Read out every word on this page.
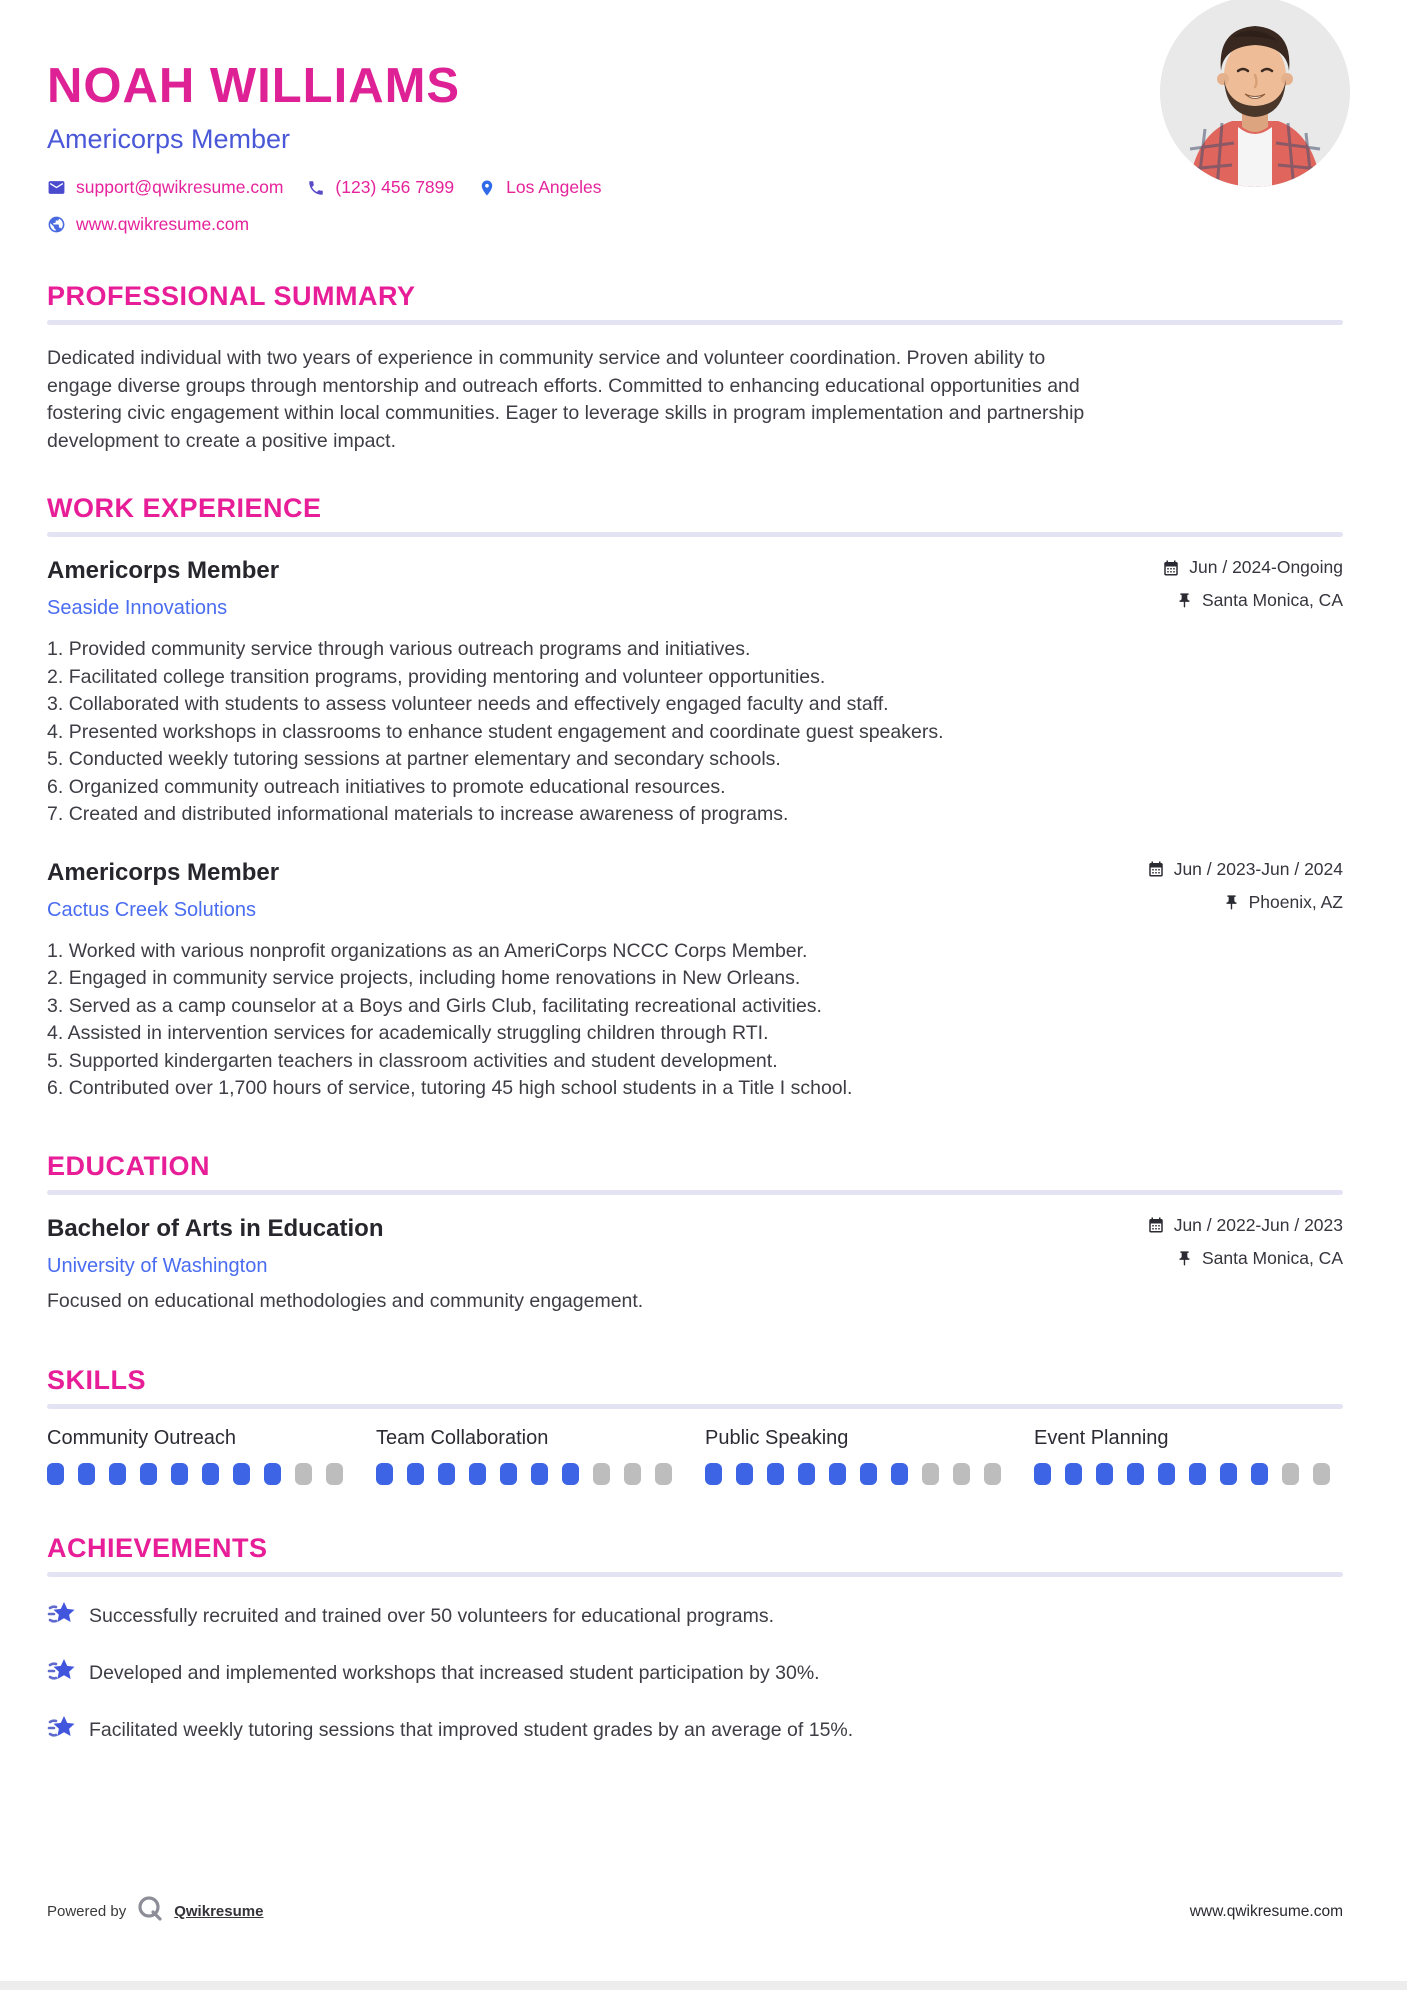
NOAH WILLIAMS
Americorps Member
support@qwikresume.com	(123) 456 7899	Los Angeles
www.qwikresume.com
PROFESSIONAL SUMMARY

Dedicated individual with two years of experience in community service and volunteer coordination. Proven ability to engage diverse groups through mentorship and outreach efforts. Committed to enhancing educational opportunities and fostering civic engagement within local communities. Eager to leverage skills in program implementation and partnership development to create a positive impact.

WORK EXPERIENCE
Americorps Member
Seaside Innovations
Jun / 2024-Ongoing
Santa Monica, CA
Provided community service through various outreach programs and initiatives.
Facilitated college transition programs, providing mentoring and volunteer opportunities.
Collaborated with students to assess volunteer needs and effectively engaged faculty and staff.
Presented workshops in classrooms to enhance student engagement and coordinate guest speakers.
Conducted weekly tutoring sessions at partner elementary and secondary schools.
Organized community outreach initiatives to promote educational resources.
Created and distributed informational materials to increase awareness of programs.
Americorps Member
Cactus Creek Solutions
Jun / 2023-Jun / 2024
Phoenix, AZ
Worked with various nonprofit organizations as an AmeriCorps NCCC Corps Member.
Engaged in community service projects, including home renovations in New Orleans.
Served as a camp counselor at a Boys and Girls Club, facilitating recreational activities.
Assisted in intervention services for academically struggling children through RTI.
Supported kindergarten teachers in classroom activities and student development.
Contributed over 1,700 hours of service, tutoring 45 high school students in a Title I school.
EDUCATION
Bachelor of Arts in Education
University of Washington
Focused on educational methodologies and community engagement.
Jun / 2022-Jun / 2023
Santa Monica, CA
SKILLS
Community Outreach	Team Collaboration	Public Speaking	Event Planning
ACHIEVEMENTS
Successfully recruited and trained over 50 volunteers for educational programs.
Developed and implemented workshops that increased student participation by 30%.
Facilitated weekly tutoring sessions that improved student grades by an average of 15%.
Powered by	Qwikresume	www.qwikresume.com
